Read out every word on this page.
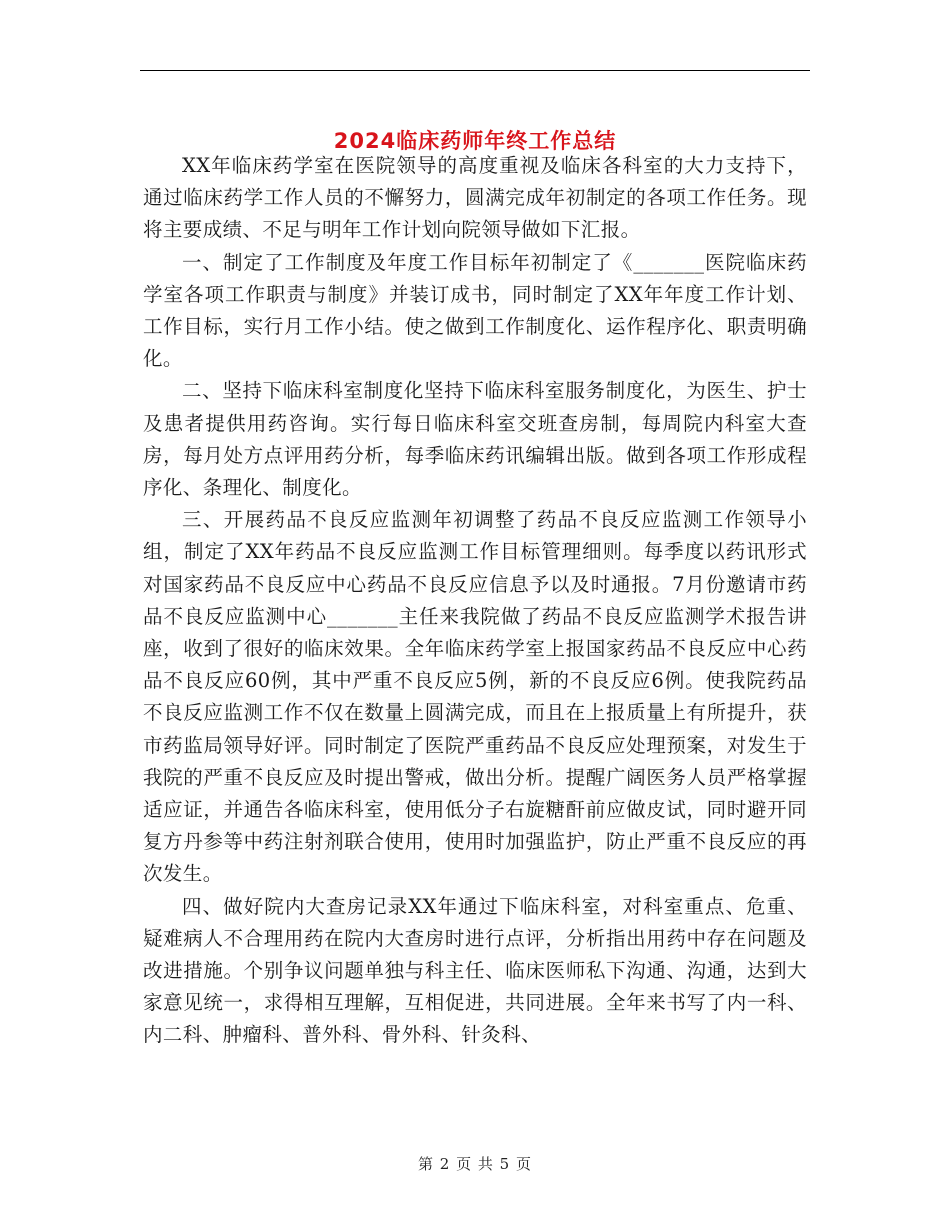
2024临床药师年终工作总结

XX年临床药学室在医院领导的高度重视及临床各科室的大力支持下，通过临床药学工作人员的不懈努力，圆满完成年初制定的各项工作任务。现将主要成绩、不足与明年工作计划向院领导做如下汇报。

一、制定了工作制度及年度工作目标年初制定了《_______医院临床药学室各项工作职责与制度》并装订成书，同时制定了XX年年度工作计划、工作目标，实行月工作小结。使之做到工作制度化、运作程序化、职责明确化。

二、坚持下临床科室制度化坚持下临床科室服务制度化，为医生、护士及患者提供用药咨询。实行每日临床科室交班查房制，每周院内科室大查房，每月处方点评用药分析，每季临床药讯编辑出版。做到各项工作形成程序化、条理化、制度化。

三、开展药品不良反应监测年初调整了药品不良反应监测工作领导小组，制定了XX年药品不良反应监测工作目标管理细则。每季度以药讯形式对国家药品不良反应中心药品不良反应信息予以及时通报。7月份邀请市药品不良反应监测中心_______主任来我院做了药品不良反应监测学术报告讲座，收到了很好的临床效果。全年临床药学室上报国家药品不良反应中心药品不良反应60例，其中严重不良反应5例，新的不良反应6例。使我院药品不良反应监测工作不仅在数量上圆满完成，而且在上报质量上有所提升，获市药监局领导好评。同时制定了医院严重药品不良反应处理预案，对发生于我院的严重不良反应及时提出警戒，做出分析。提醒广阔医务人员严格掌握适应证，并通告各临床科室，使用低分子右旋糖酐前应做皮试，同时避开同复方丹参等中药注射剂联合使用，使用时加强监护，防止严重不良反应的再次发生。

四、做好院内大查房记录XX年通过下临床科室，对科室重点、危重、疑难病人不合理用药在院内大查房时进行点评，分析指出用药中存在问题及改进措施。个别争议问题单独与科主任、临床医师私下沟通、沟通，达到大家意见统一，求得相互理解，互相促进，共同进展。全年来书写了内一科、内二科、肿瘤科、普外科、骨外科、针灸科、

第 2 页 共 5 页
